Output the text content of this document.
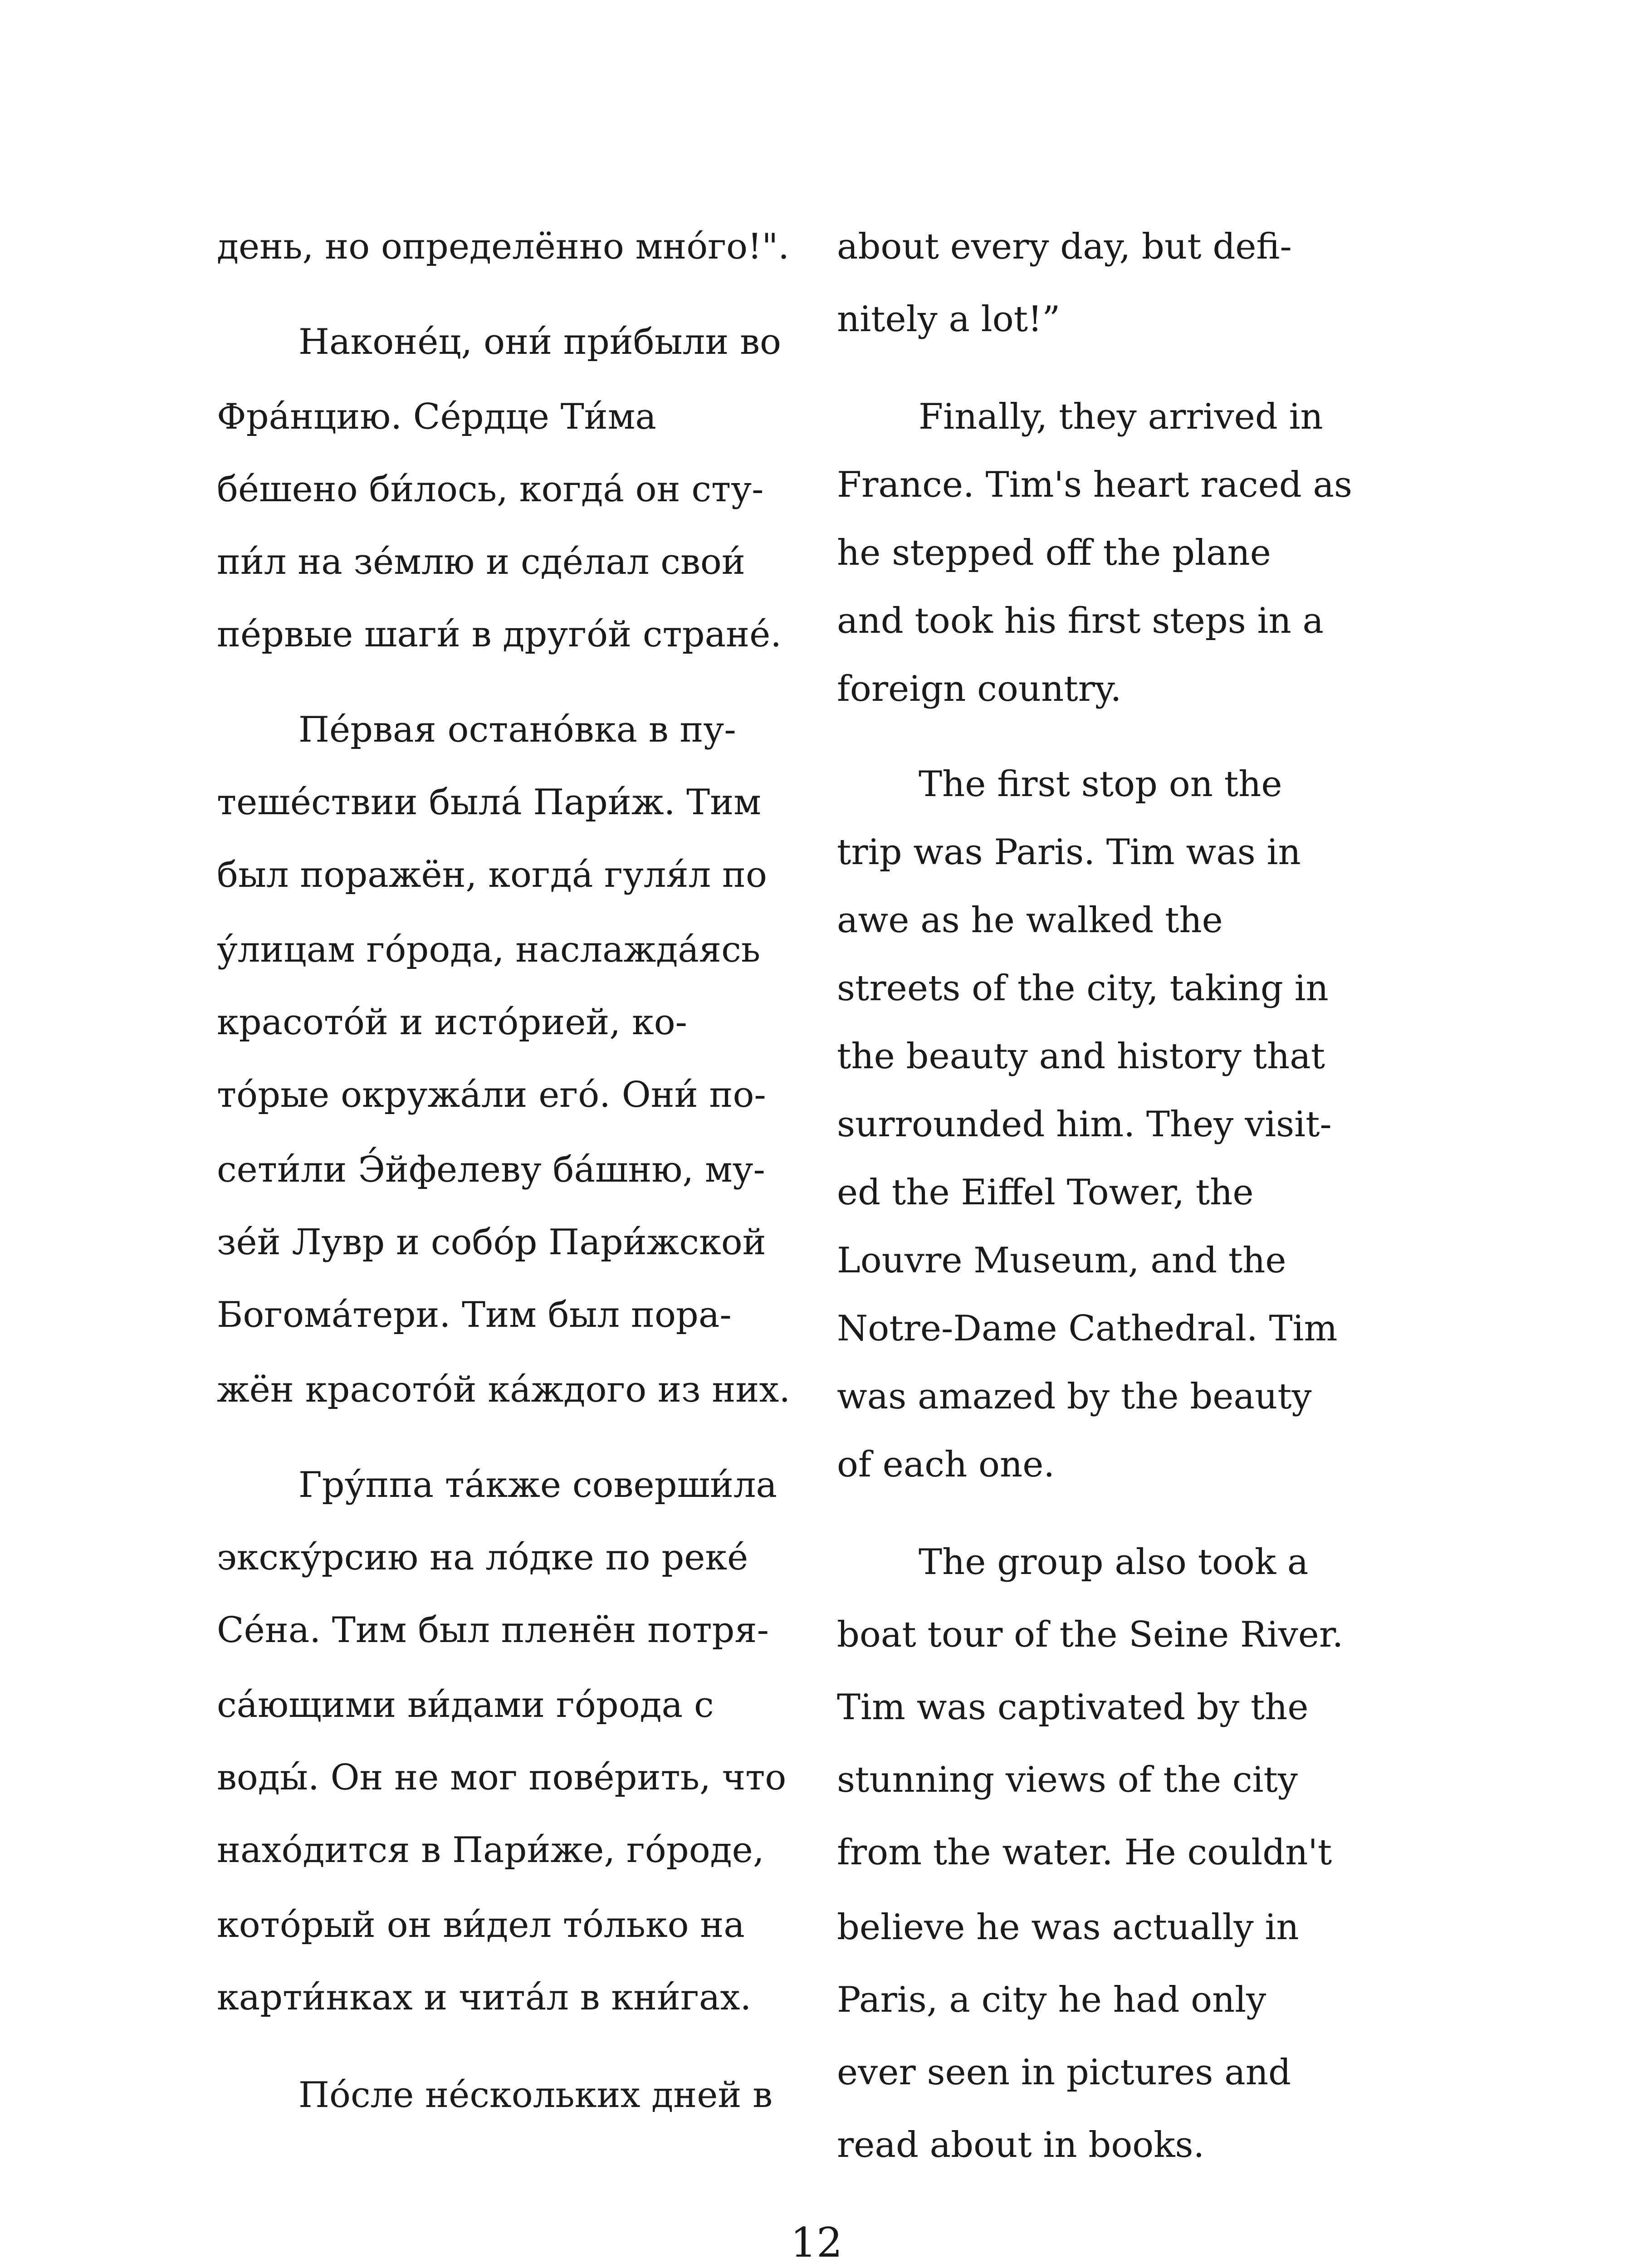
день, но определённо мно́го!".
Наконе́ц, они́ при́были во
Фра́нцию. Се́рдце Ти́ма
бе́шено би́лось, когда́ он сту-
пи́л на зе́млю и сде́лал свои́
пе́рвые шаги́ в друго́й стране́.
Пе́рвая остано́вка в пу-
теше́ствии была́ Пари́ж. Тим
был поражён, когда́ гуля́л по
у́лицам го́рода, наслажда́ясь
красото́й и исто́рией, ко-
то́рые окружа́ли его́. Они́ по-
сети́ли Э́йфелеву ба́шню, му-
зе́й Лувр и собо́р Пари́жской
Богома́тери. Тим был пора-
жён красото́й ка́ждого из них.
Гру́ппа та́кже соверши́ла
экску́рсию на ло́дке по реке́
Се́на. Тим был пленён потря-
са́ющими ви́дами го́рода с
воды́. Он не мог пове́рить, что
нахо́дится в Пари́же, го́роде,
кото́рый он ви́дел то́лько на
карти́нках и чита́л в кни́гах.
По́сле не́скольких дней в
about every day, but defi-
nitely a lot!”
Finally, they arrived in
France. Tim's heart raced as
he stepped off the plane
and took his first steps in a
foreign country.
The first stop on the
trip was Paris. Tim was in
awe as he walked the
streets of the city, taking in
the beauty and history that
surrounded him. They visit-
ed the Eiffel Tower, the
Louvre Museum, and the
Notre-Dame Cathedral. Tim
was amazed by the beauty
of each one.
The group also took a
boat tour of the Seine River.
Tim was captivated by the
stunning views of the city
from the water. He couldn't
believe he was actually in
Paris, a city he had only
ever seen in pictures and
read about in books.
12
